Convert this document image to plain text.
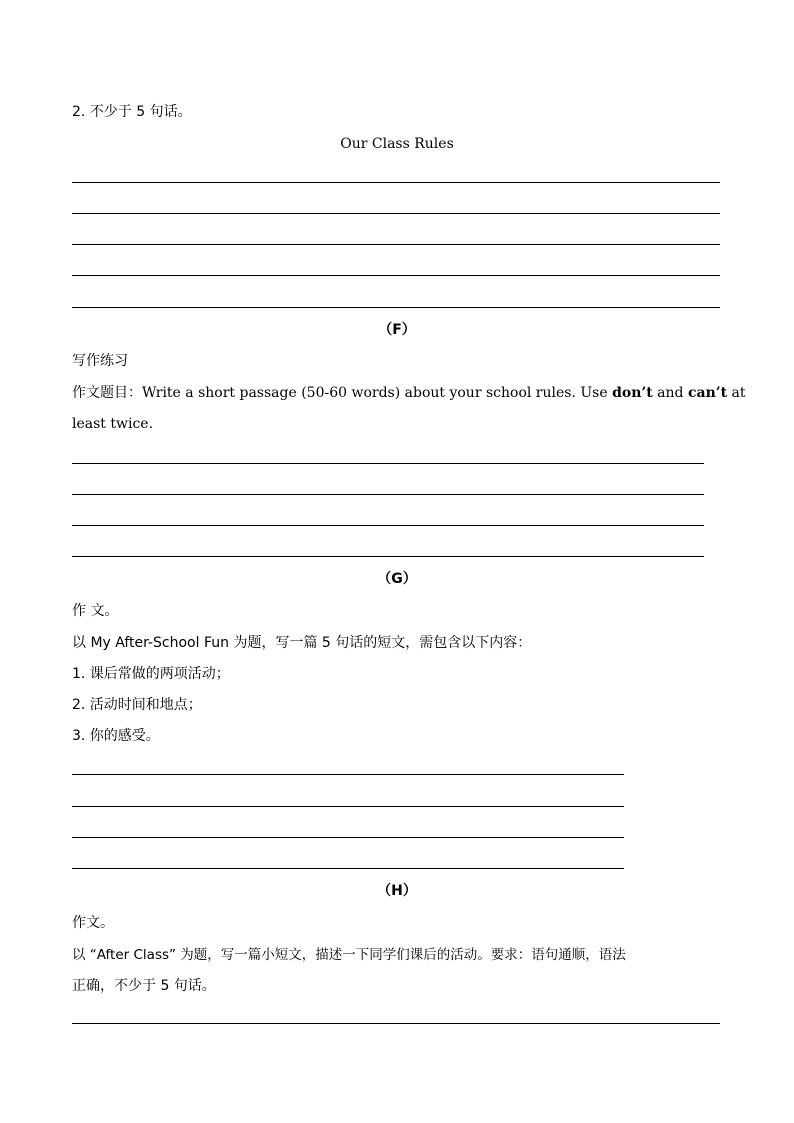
2. 不少于 5 句话。

Our Class Rules

（F）

写作练习

作文题目：Write a short passage (50-60 words) about your school rules. Use don’t and can’t at

least twice.

（G）

作 文。

以 My After-School Fun 为题，写一篇 5 句话的短文，需包含以下内容：

1. 课后常做的两项活动；

2. 活动时间和地点；

3. 你的感受。

（H）

作文。

以 “After Class” 为题，写一篇小短文，描述一下同学们课后的活动。要求：语句通顺，语法

正确，不少于 5 句话。
